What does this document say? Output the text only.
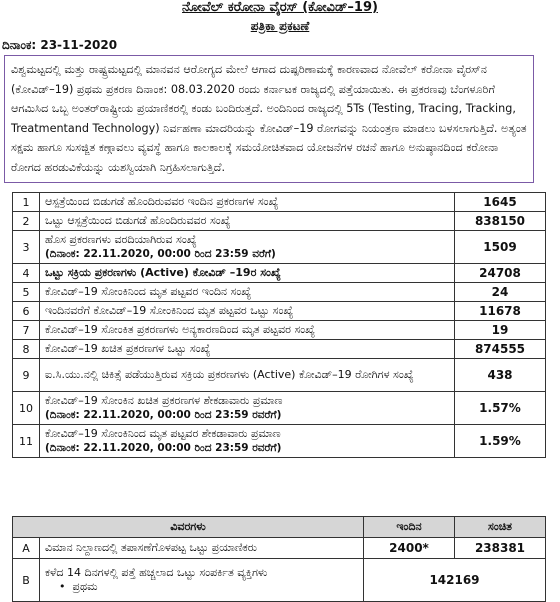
ನೋವೆಲ್ ಕರೋನಾ ವೈರಸ್ (ಕೋವಿಡ್–19)
ಪತ್ರಿಕಾ ಪ್ರಕಟಣೆ
ದಿನಾಂಕ: 23-11-2020

ವಿಶ್ವಮಟ್ಟದಲ್ಲಿ ಮತ್ತು ರಾಷ್ಟ್ರಮಟ್ಟದಲ್ಲಿ ಮಾನವನ ಆರೋಗ್ಯದ ಮೇಲೆ ಆಗಾದ ದುಷ್ಪರಿಣಾಮಕ್ಕೆ ಕಾರಣವಾದ ನೋವೆಲ್ ಕರೋನಾ ವೈರಸ್‌ನ (ಕೋವಿಡ್–19) ಪ್ರಥಮ ಪ್ರಕರಣ ದಿನಾಂಕ: 08.03.2020 ರಂದು ಕರ್ನಾಟಕ ರಾಜ್ಯದಲ್ಲಿ ಪತ್ತೆಯಾಯಿತು. ಈ ಪ್ರಕರಣವು ಬೆಂಗಳೂರಿಗೆ ಆಗಮಿಸಿದ ಒಬ್ಬ ಅಂತರ್‌ರಾಷ್ಟ್ರೀಯ ಪ್ರಯಾಣಿಕರಲ್ಲಿ ಕಂಡು ಬಂದಿರುತ್ತದೆ. ಅಂದಿನಿಂದ ರಾಜ್ಯದಲ್ಲಿ 5Ts (Testing, Tracing, Tracking, Treatmentand Technology) ನಿರ್ವಹಣಾ ಮಾದರಿಯನ್ನು ಕೋವಿಡ್–19 ರೋಗವನ್ನು ನಿಯಂತ್ರಣ ಮಾಡಲು ಬಳಸಲಾಗುತ್ತಿದೆ. ಅತ್ಯಂತ ಸಕ್ಷಮ ಹಾಗೂ ಸುಸಜ್ಜಿತ ಕಣ್ಗಾವಲು ವ್ಯವಸ್ಥೆ ಹಾಗೂ ಕಾಲಕಾಲಕ್ಕೆ ಸಮಯೋಚಿತವಾದ ಯೋಜನೆಗಳ ರಚನೆ ಹಾಗೂ ಅನುಷ್ಠಾನದಿಂದ ಕರೋನಾ ರೋಗದ ಹರಡುವಿಕೆಯನ್ನು ಯಶಸ್ವಿಯಾಗಿ ನಿಗ್ರಹಿಸಲಾಗುತ್ತಿದೆ.

1	ಆಸ್ಪತ್ರೆಯಿಂದ ಬಿಡುಗಡೆ ಹೊಂದಿರುವವರ ಇಂದಿನ ಪ್ರಕರಣಗಳ ಸಂಖ್ಯೆ	1645
2	ಒಟ್ಟು ಆಸ್ಪತ್ರೆಯಿಂದ ಬಿಡುಗಡೆ ಹೊಂದಿರುವವರ ಸಂಖ್ಯೆ	838150
3	ಹೊಸ ಪ್ರಕರಣಗಳು ವರದಿಯಾಗಿರುವ ಸಂಖ್ಯೆ
(ದಿನಾಂಕ: 22.11.2020, 00:00 ರಿಂದ 23:59 ವರೆಗೆ)	1509
4	ಒಟ್ಟು ಸಕ್ರಿಯ ಪ್ರಕರಣಗಳು (Active) ಕೋವಿಡ್ –19ರ ಸಂಖ್ಯೆ	24708
5	ಕೋವಿಡ್–19 ಸೋಂಕಿನಿಂದ ಮೃತ ಪಟ್ಟವರ ಇಂದಿನ ಸಂಖ್ಯೆ	24
6	ಇಂದಿನವರೆಗೆ ಕೋವಿಡ್–19 ಸೋಂಕಿನಿಂದ ಮೃತ ಪಟ್ಟವರ ಒಟ್ಟು ಸಂಖ್ಯೆ	11678
7	ಕೋವಿಡ್–19 ಸೋಂಕಿತ ಪ್ರಕರಣಗಳು ಅನ್ಯಕಾರಣದಿಂದ ಮೃತ ಪಟ್ಟವರ ಸಂಖ್ಯೆ	19
8	ಕೋವಿಡ್–19 ಖಚಿತ ಪ್ರಕರಣಗಳ ಒಟ್ಟು ಸಂಖ್ಯೆ	874555
9	ಐ.ಸಿ.ಯು.ನಲ್ಲಿ ಚಿಕಿತ್ಸೆ ಪಡೆಯುತ್ತಿರುವ ಸಕ್ರಿಯ ಪ್ರಕರಣಗಳು (Active) ಕೋವಿಡ್–19 ರೋಗಿಗಳ ಸಂಖ್ಯೆ	438
10	ಕೋವಿಡ್–19 ಸೋಂಕಿನ ಖಚಿತ ಪ್ರಕರಣಗಳ ಶೇಕಡಾವಾರು ಪ್ರಮಾಣ
(ದಿನಾಂಕ: 22.11.2020, 00:00 ರಿಂದ 23:59 ರವರೆಗೆ)	1.57%
11	ಕೋವಿಡ್–19 ಸೋಂಕಿನಿಂದ ಮೃತ ಪಟ್ಟವರ ಶೇಕಡಾವಾರು ಪ್ರಮಾಣ
(ದಿನಾಂಕ: 22.11.2020, 00:00 ರಿಂದ 23:59 ರವರೆಗೆ)	1.59%
ವಿವರಗಳು		ಇಂದಿನ	ಸಂಚಿತ
A	ವಿಮಾನ ನಿಲ್ದಾಣದಲ್ಲಿ ತಪಾಸಣೆಗೊಳಪಟ್ಟ ಒಟ್ಟು ಪ್ರಯಾಣಿಕರು	2400*	238381
B	ಕಳೆದ 14 ದಿನಗಳಲ್ಲಿ ಪತ್ತೆ ಹಚ್ಚಲಾದ ಒಟ್ಟು ಸಂಪರ್ಕಿತ ವ್ಯಕ್ತಿಗಳು
•  ಪ್ರಥಮ	142169	
